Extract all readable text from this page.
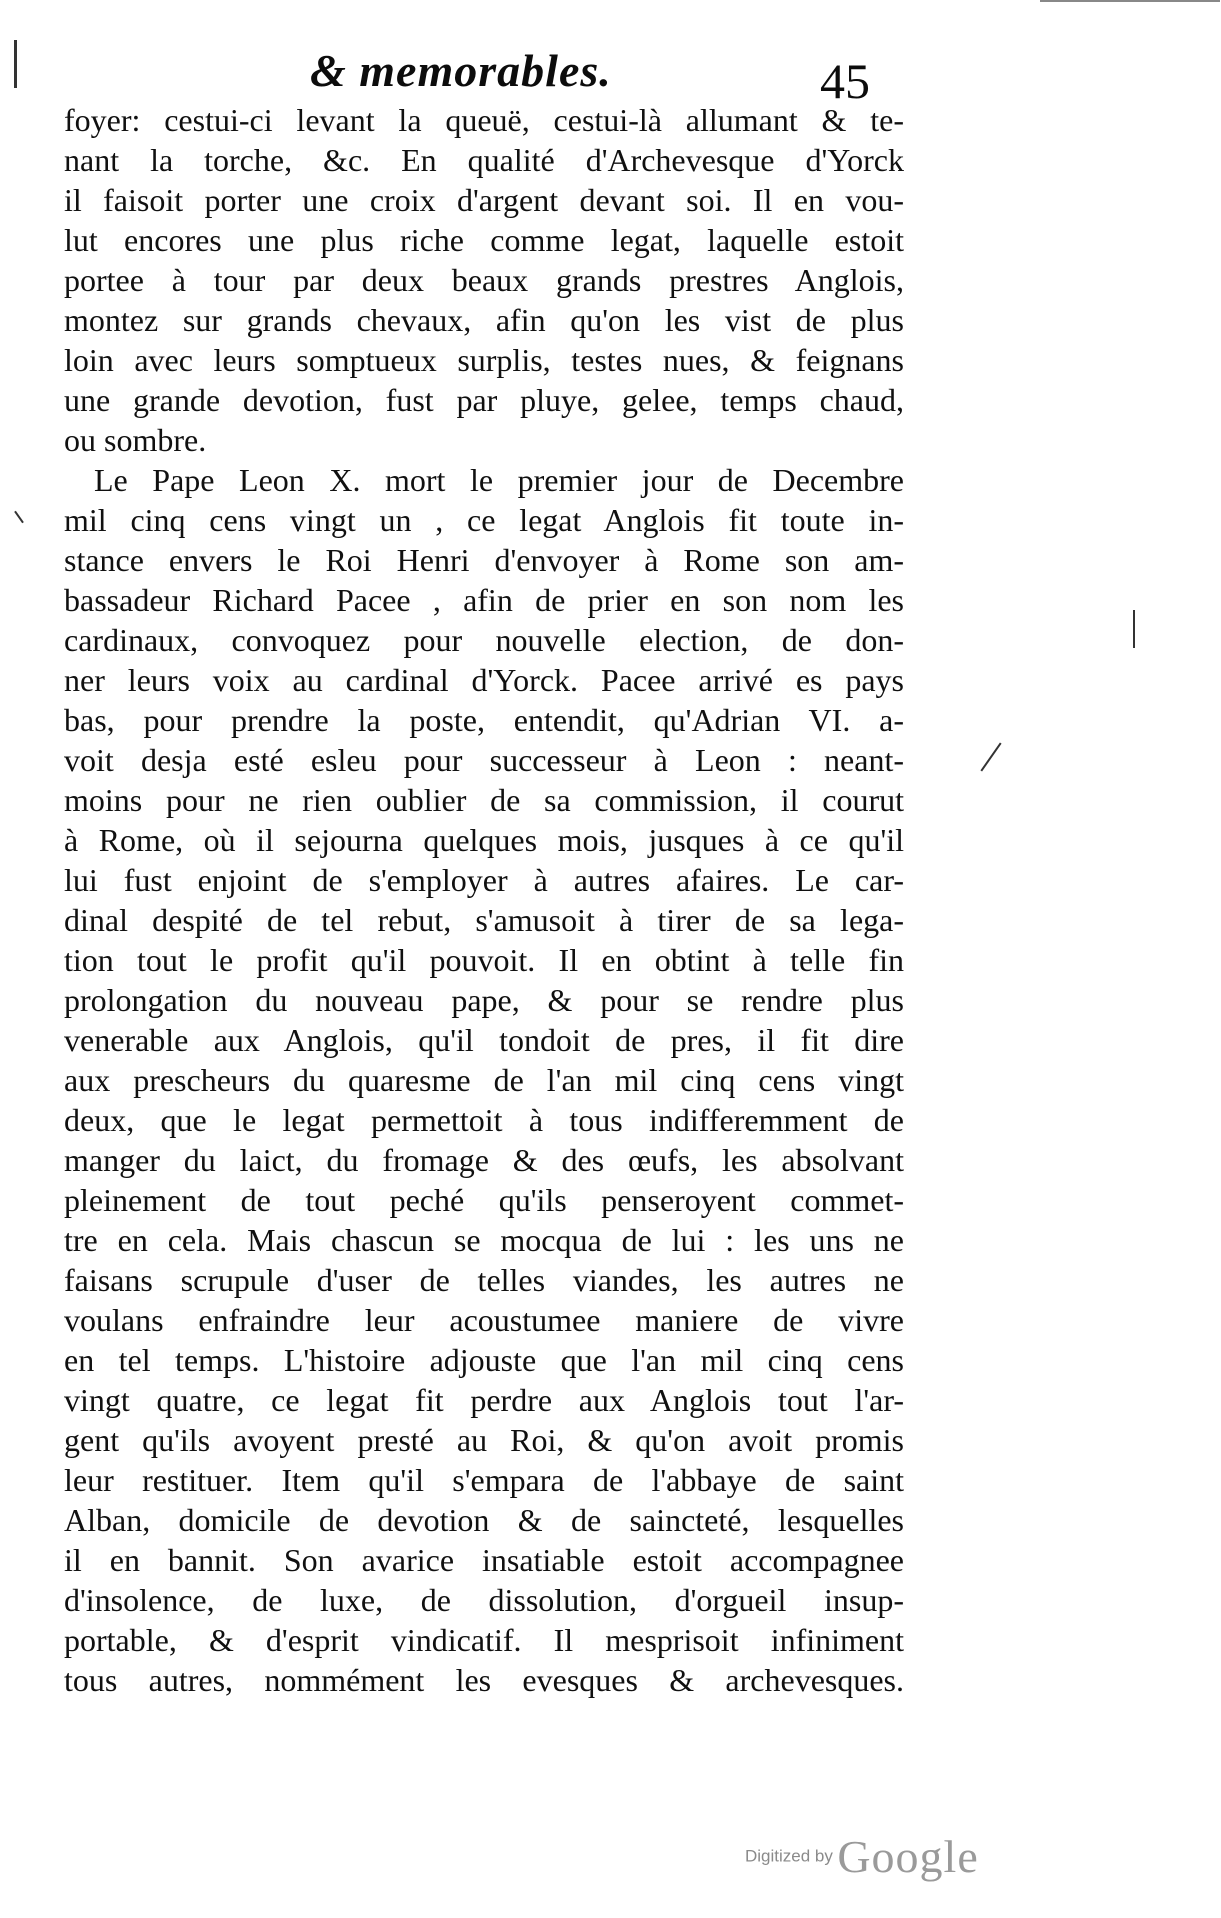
& memorables.	45
foyer: cestui-ci levant la queuë, cestui-là allumant & te-
nant la torche, &c. En qualité d'Archevesque d'Yorck
il faisoit porter une croix d'argent devant soi. Il en vou-
lut encores une plus riche comme legat, laquelle estoit
portee à tour par deux beaux grands prestres Anglois,
montez sur grands chevaux, afin qu'on les vist de plus
loin avec leurs somptueux surplis, testes nues, & feignans
une grande devotion, fust par pluye, gelee, temps chaud,
ou sombre.
Le Pape Leon X. mort le premier jour de Decembre
mil cinq cens vingt un , ce legat Anglois fit toute in-
stance envers le Roi Henri d'envoyer à Rome son am-
bassadeur Richard Pacee , afin de prier en son nom les
cardinaux, convoquez pour nouvelle election, de don-
ner leurs voix au cardinal d'Yorck. Pacee arrivé es pays
bas, pour prendre la poste, entendit, qu'Adrian VI. a-
voit desja esté esleu pour successeur à Leon : neant-
moins pour ne rien oublier de sa commission, il courut
à Rome, où il sejourna quelques mois, jusques à ce qu'il
lui fust enjoint de s'employer à autres afaires. Le car-
dinal despité de tel rebut, s'amusoit à tirer de sa lega-
tion tout le profit qu'il pouvoit. Il en obtint à telle fin
prolongation du nouveau pape, & pour se rendre plus
venerable aux Anglois, qu'il tondoit de pres, il fit dire
aux prescheurs du quaresme de l'an mil cinq cens vingt
deux, que le legat permettoit à tous indifferemment de
manger du laict, du fromage & des œufs, les absolvant
pleinement de tout peché qu'ils penseroyent commet-
tre en cela. Mais chascun se mocqua de lui : les uns ne
faisans scrupule d'user de telles viandes, les autres ne
voulans enfraindre leur acoustumee maniere de vivre
en tel temps. L'histoire adjouste que l'an mil cinq cens
vingt quatre, ce legat fit perdre aux Anglois tout l'ar-
gent qu'ils avoyent presté au Roi, & qu'on avoit promis
leur restituer. Item qu'il s'empara de l'abbaye de saint
Alban, domicile de devotion & de saincteté, lesquelles
il en bannit. Son avarice insatiable estoit accompagnee
d'insolence, de luxe, de dissolution, d'orgueil insup-
portable, & d'esprit vindicatif. Il mesprisoit infiniment
tous autres, nommément les evesques & archevesques.
Digitized by Google
